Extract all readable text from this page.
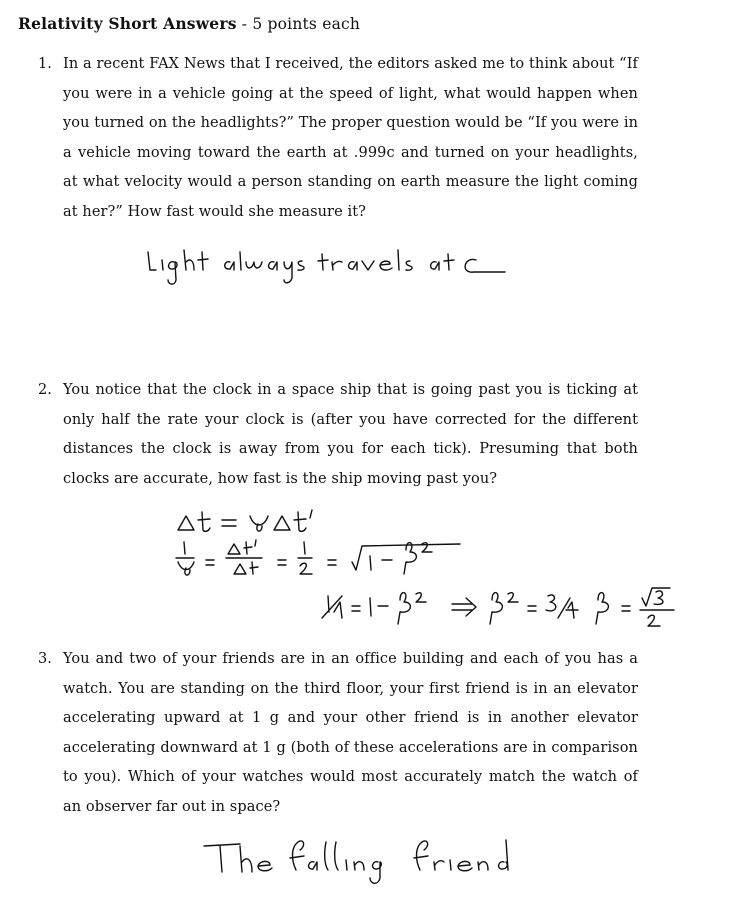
Relativity Short Answers - 5 points each
1. In a recent FAX News that I received, the editors asked me to think about “If you were in a vehicle going at the speed of light, what would happen when you turned on the headlights?” The proper question would be “If you were in a vehicle moving toward the earth at .999c and turned on your headlights, at what velocity would a person standing on earth measure the light coming at her?” How fast would she measure it?
2. You notice that the clock in a space ship that is going past you is ticking at only half the rate your clock is (after you have corrected for the different distances the clock is away from you for each tick). Presuming that both clocks are accurate, how fast is the ship moving past you?
3. You and two of your friends are in an office building and each of you has a watch. You are standing on the third floor, your first friend is in an elevator accelerating upward at 1 g and your other friend is in another elevator accelerating downward at 1 g (both of these accelerations are in comparison to you). Which of your watches would most accurately match the watch of an observer far out in space?
